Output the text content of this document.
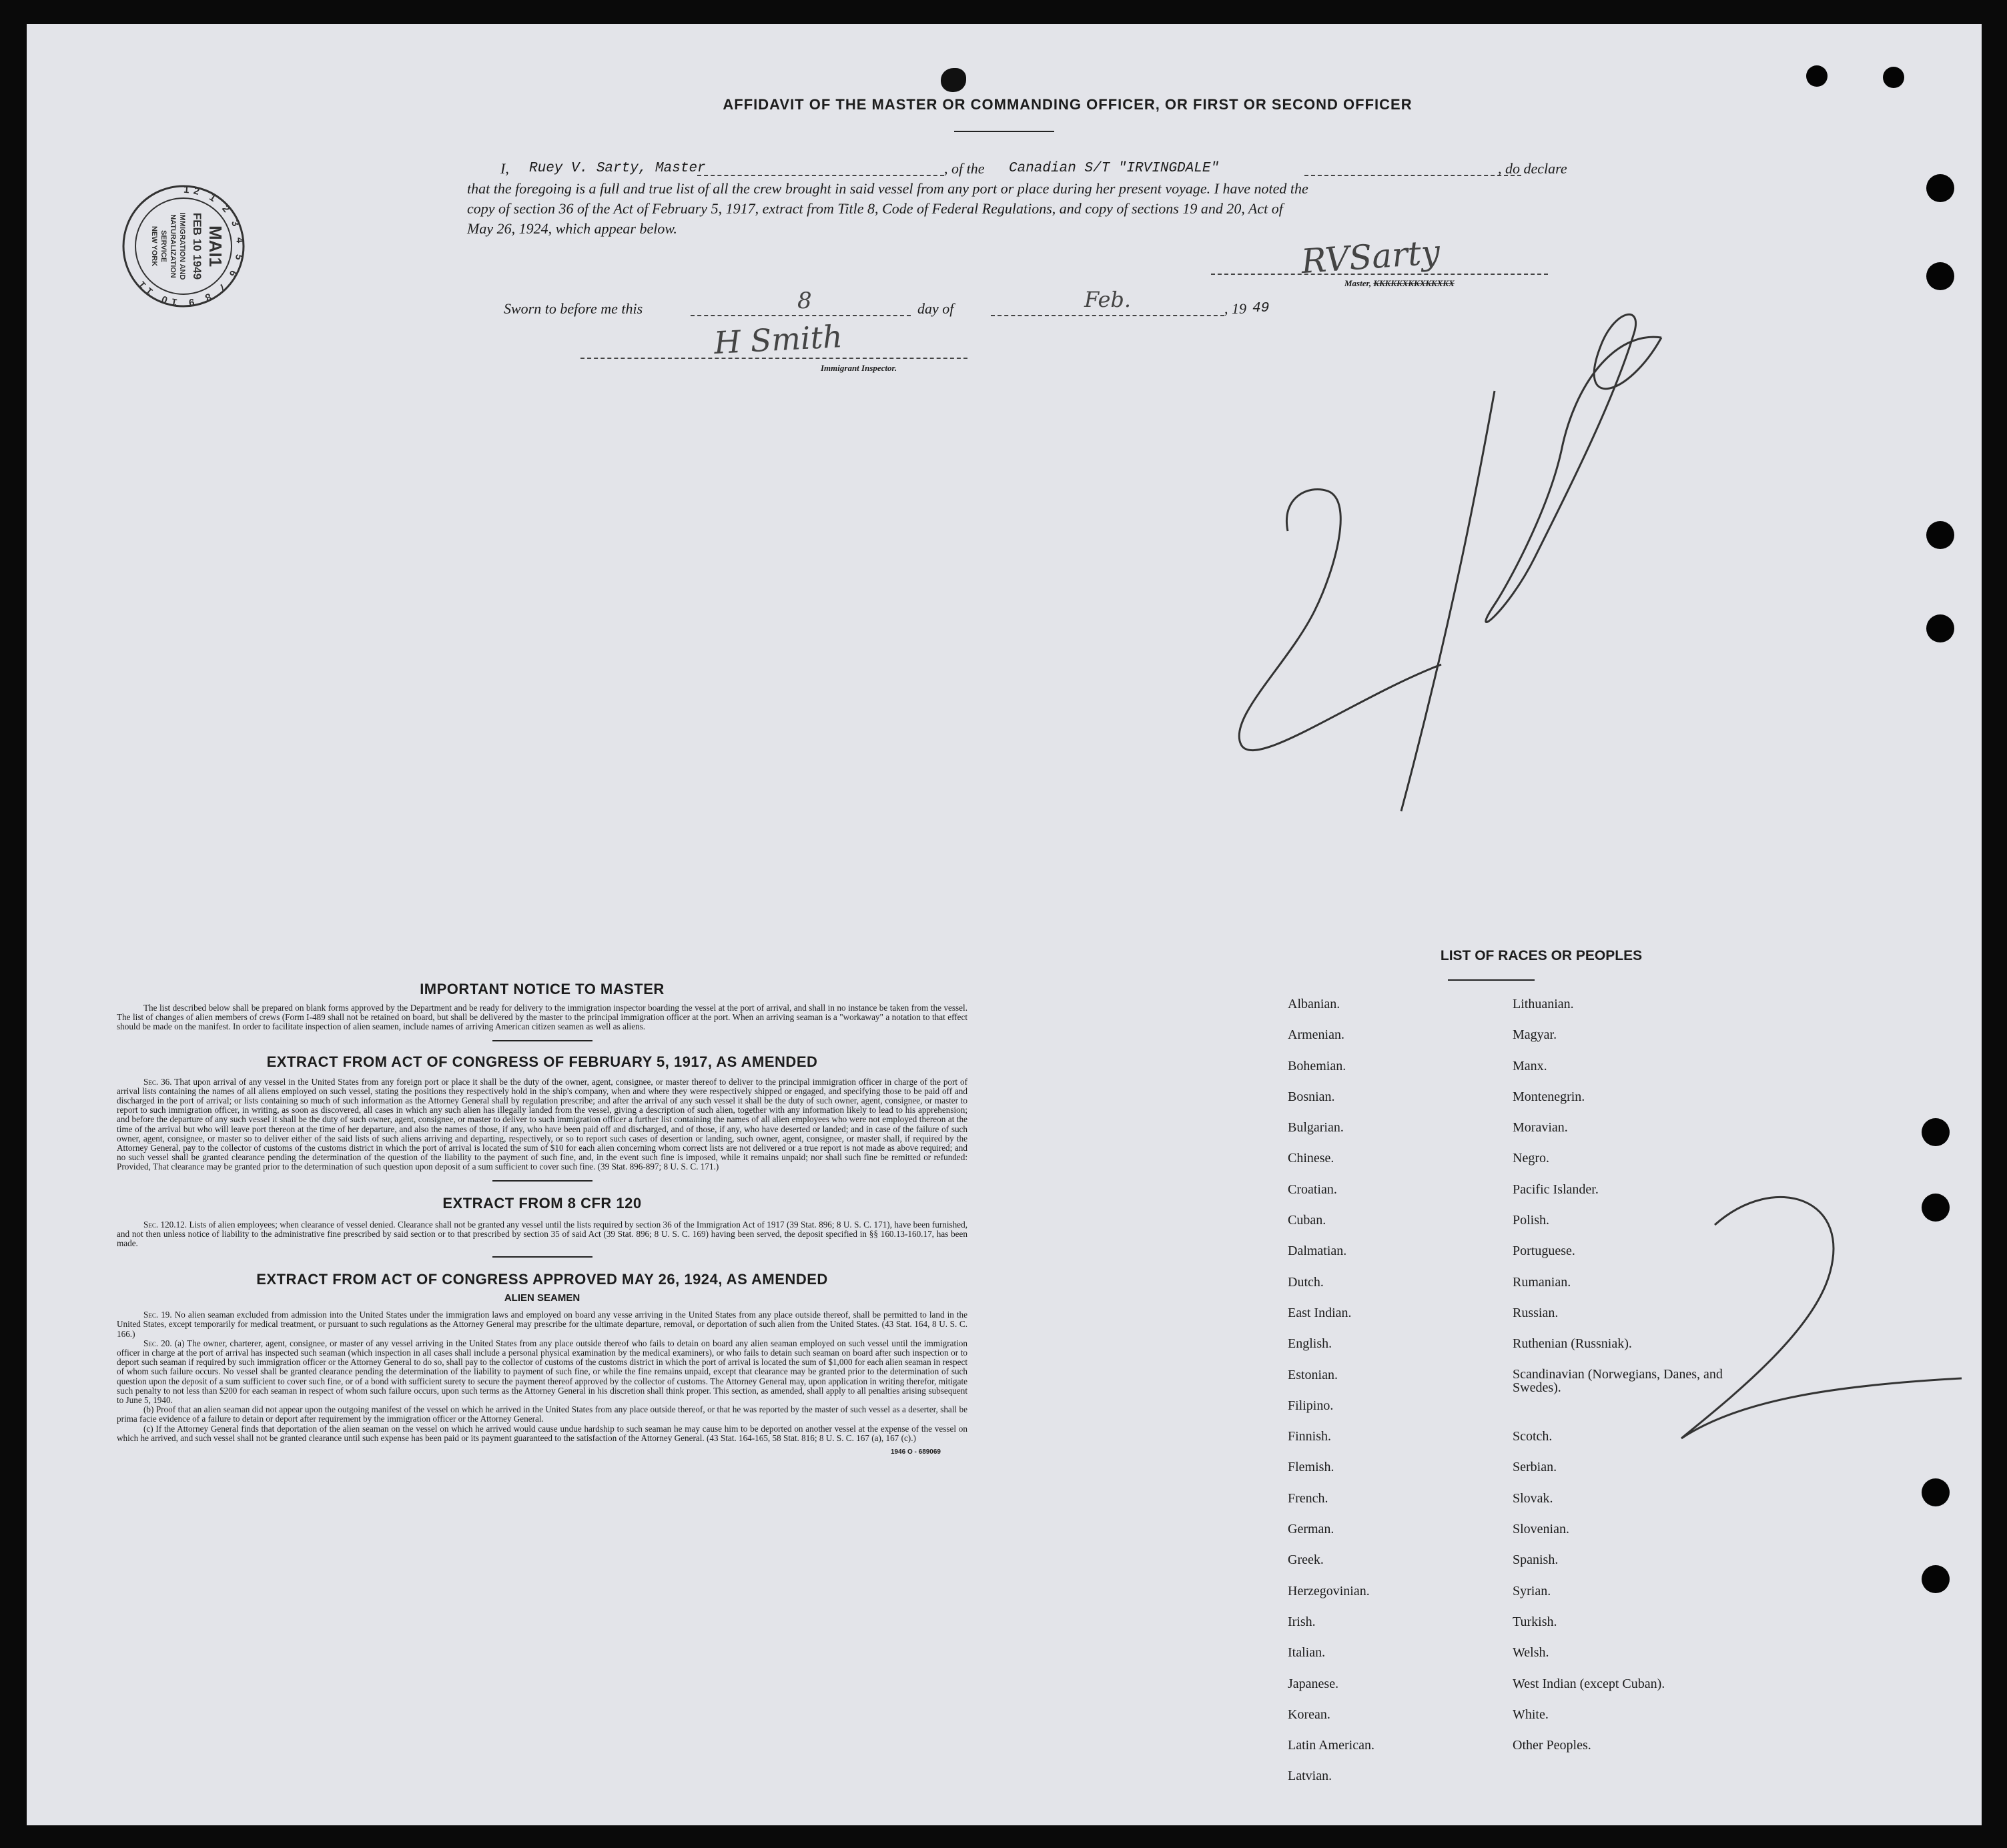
AFFIDAVIT OF THE MASTER OR COMMANDING OFFICER, OR FIRST OR SECOND OFFICER
I, Ruey V. Sarty, Master	, of the Canadian S/T "IRVINGDALE"	, do declare
that the foregoing is a full and true list of all the crew brought in said vessel from any port or place during her present voyage. I have noted the
copy of section 36 of the Act of February 5, 1917, extract from Title 8, Code of Federal Regulations, and copy of sections 19 and 20, Act of
May 26, 1924, which appear below.
RVSarty
Master, KKKKKXKKXKKXKX
Sworn to before me this	8	day of	Feb.	, 19 49
H Smith
Immigrant Inspector.
12 1 2 3 4 5 6 7 8 9 10 11
MAI1
FEB 10 1949
IMMIGRATION AND
NATURALIZATION
SERVICE
NEW YORK
IMPORTANT NOTICE TO MASTER

The list described below shall be prepared on blank forms approved by the Department and be ready for delivery to the immigration inspector boarding the vessel at the port of arrival, and shall in no instance be taken from the vessel. The list of changes of alien members of crews (Form I-489 shall not be retained on board, but shall be delivered by the master to the principal immigration officer at the port. When an arriving seaman is a "workaway" a notation to that effect should be made on the manifest. In order to facilitate inspection of alien seamen, include names of arriving American citizen seamen as well as aliens.

EXTRACT FROM ACT OF CONGRESS OF FEBRUARY 5, 1917, AS AMENDED

Sec. 36. That upon arrival of any vessel in the United States from any foreign port or place it shall be the duty of the owner, agent, consignee, or master thereof to deliver to the principal immigration officer in charge of the port of arrival lists containing the names of all aliens employed on such vessel, stating the positions they respectively hold in the ship's company, when and where they were respectively shipped or engaged, and specifying those to be paid off and discharged in the port of arrival; or lists containing so much of such information as the Attorney General shall by regulation prescribe; and after the arrival of any such vessel it shall be the duty of such owner, agent, consignee, or master to report to such immigration officer, in writing, as soon as discovered, all cases in which any such alien has illegally landed from the vessel, giving a description of such alien, together with any information likely to lead to his apprehension; and before the departure of any such vessel it shall be the duty of such owner, agent, consignee, or master to deliver to such immigration officer a further list containing the names of all alien employees who were not employed thereon at the time of the arrival but who will leave port thereon at the time of her departure, and also the names of those, if any, who have been paid off and discharged, and of those, if any, who have deserted or landed; and in case of the failure of such owner, agent, consignee, or master so to deliver either of the said lists of such aliens arriving and departing, respectively, or so to report such cases of desertion or landing, such owner, agent, consignee, or master shall, if required by the Attorney General, pay to the collector of customs of the customs district in which the port of arrival is located the sum of $10 for each alien concerning whom correct lists are not delivered or a true report is not made as above required; and no such vessel shall be granted clearance pending the determination of the question of the liability to the payment of such fine, and, in the event such fine is imposed, while it remains unpaid; nor shall such fine be remitted or refunded: Provided, That clearance may be granted prior to the determination of such question upon deposit of a sum sufficient to cover such fine. (39 Stat. 896-897; 8 U. S. C. 171.)

EXTRACT FROM 8 CFR 120

Sec. 120.12. Lists of alien employees; when clearance of vessel denied. Clearance shall not be granted any vessel until the lists required by section 36 of the Immigration Act of 1917 (39 Stat. 896; 8 U. S. C. 171), have been furnished, and not then unless notice of liability to the administrative fine prescribed by said section or to that prescribed by section 35 of said Act (39 Stat. 896; 8 U. S. C. 169) having been served, the deposit specified in §§ 160.13-160.17, has been made.

EXTRACT FROM ACT OF CONGRESS APPROVED MAY 26, 1924, AS AMENDED
ALIEN SEAMEN

Sec. 19. No alien seaman excluded from admission into the United States under the immigration laws and employed on board any vesse arriving in the United States from any place outside thereof, shall be permitted to land in the United States, except temporarily for medical treatment, or pursuant to such regulations as the Attorney General may prescribe for the ultimate departure, removal, or deportation of such alien from the United States. (43 Stat. 164, 8 U. S. C. 166.)

Sec. 20. (a) The owner, charterer, agent, consignee, or master of any vessel arriving in the United States from any place outside thereof who fails to detain on board any alien seaman employed on such vessel until the immigration officer in charge at the port of arrival has inspected such seaman (which inspection in all cases shall include a personal physical examination by the medical examiners), or who fails to detain such seaman on board after such inspection or to deport such seaman if required by such immigration officer or the Attorney General to do so, shall pay to the collector of customs of the customs district in which the port of arrival is located the sum of $1,000 for each alien seaman in respect of whom such failure occurs. No vessel shall be granted clearance pending the determination of the liability to payment of such fine, or while the fine remains unpaid, except that clearance may be granted prior to the determination of such question upon the deposit of a sum sufficient to cover such fine, or of a bond with sufficient surety to secure the payment thereof approved by the collector of customs. The Attorney General may, upon application in writing therefor, mitigate such penalty to not less than $200 for each seaman in respect of whom such failure occurs, upon such terms as the Attorney General in his discretion shall think proper. This section, as amended, shall apply to all penalties arising subsequent to June 5, 1940.

(b) Proof that an alien seaman did not appear upon the outgoing manifest of the vessel on which he arrived in the United States from any place outside thereof, or that he was reported by the master of such vessel as a deserter, shall be prima facie evidence of a failure to detain or deport after requirement by the immigration officer or the Attorney General.

(c) If the Attorney General finds that deportation of the alien seaman on the vessel on which he arrived would cause undue hardship to such seaman he may cause him to be deported on another vessel at the expense of the vessel on which he arrived, and such vessel shall not be granted clearance until such expense has been paid or its payment guaranteed to the satisfaction of the Attorney General. (43 Stat. 164-165, 58 Stat. 816; 8 U. S. C. 167 (a), 167 (c).)

1946 O - 689069
LIST OF RACES OR PEOPLES
Albanian.
Armenian.
Bohemian.
Bosnian.
Bulgarian.
Chinese.
Croatian.
Cuban.
Dalmatian.
Dutch.
East Indian.
English.
Estonian.
Filipino.
Finnish.
Flemish.
French.
German.
Greek.
Herzegovinian.
Irish.
Italian.
Japanese.
Korean.
Latin American.
Latvian.
Lithuanian.
Magyar.
Manx.
Montenegrin.
Moravian.
Negro.
Pacific Islander.
Polish.
Portuguese.
Rumanian.
Russian.
Ruthenian (Russniak).
Scandinavian (Norwegians, Danes, and Swedes).
Scotch.
Serbian.
Slovak.
Slovenian.
Spanish.
Syrian.
Turkish.
Welsh.
West Indian (except Cuban).
White.
Other Peoples.
